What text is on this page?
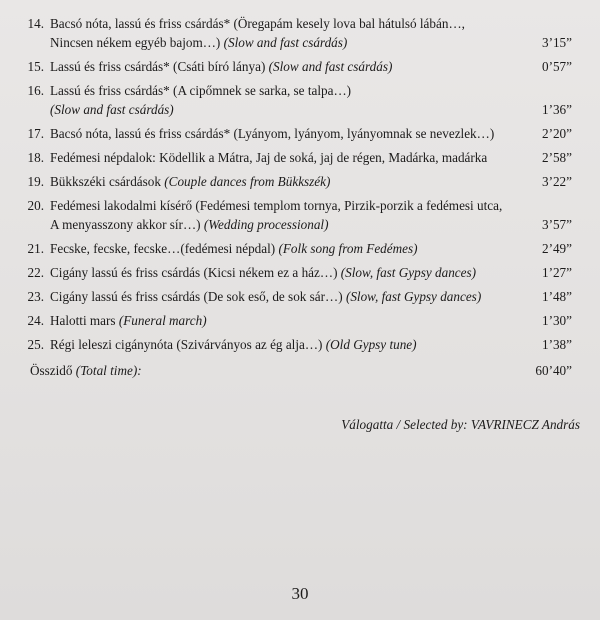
14. Bacsó nóta, lassú és friss csárdás* (Öregapám kesely lova bal hátulsó lábán…,
Nincsen nékem egyéb bajom…) (Slow and fast csárdás)	3’15”
15. Lassú és friss csárdás* (Csáti bíró lánya) (Slow and fast csárdás)	0’57”
16. Lassú és friss csárdás* (A cipőmnek se sarka, se talpa…)
(Slow and fast csárdás)	1’36”
17. Bacsó nóta, lassú és friss csárdás* (Lyányom, lyányom, lyányomnak se nevezlek…)	2’20”
18. Fedémesi népdalok: Ködellik a Mátra, Jaj de soká, jaj de régen, Madárka, madárka	2’58”
19. Bükkszéki csárdások (Couple dances from Bükkszék)	3’22”
20. Fedémesi lakodalmi kísérő (Fedémesi templom tornya, Pirzik-porzik a fedémesi utca,
A menyasszony akkor sír…) (Wedding processional)	3’57”
21. Fecske, fecske, fecske…(fedémesi népdal) (Folk song from Fedémes)	2’49”
22. Cigány lassú és friss csárdás (Kicsi nékem ez a ház…) (Slow, fast Gypsy dances)	1’27”
23. Cigány lassú és friss csárdás (De sok eső, de sok sár…) (Slow, fast Gypsy dances)	1’48”
24. Halotti mars (Funeral march)	1’30”
25. Régi leleszi cigánynóta (Szivárványos az ég alja…) (Old Gypsy tune)	1’38”
Összidő (Total time):	60’40”
Válogatta / Selected by: VAVRINECZ András
30
